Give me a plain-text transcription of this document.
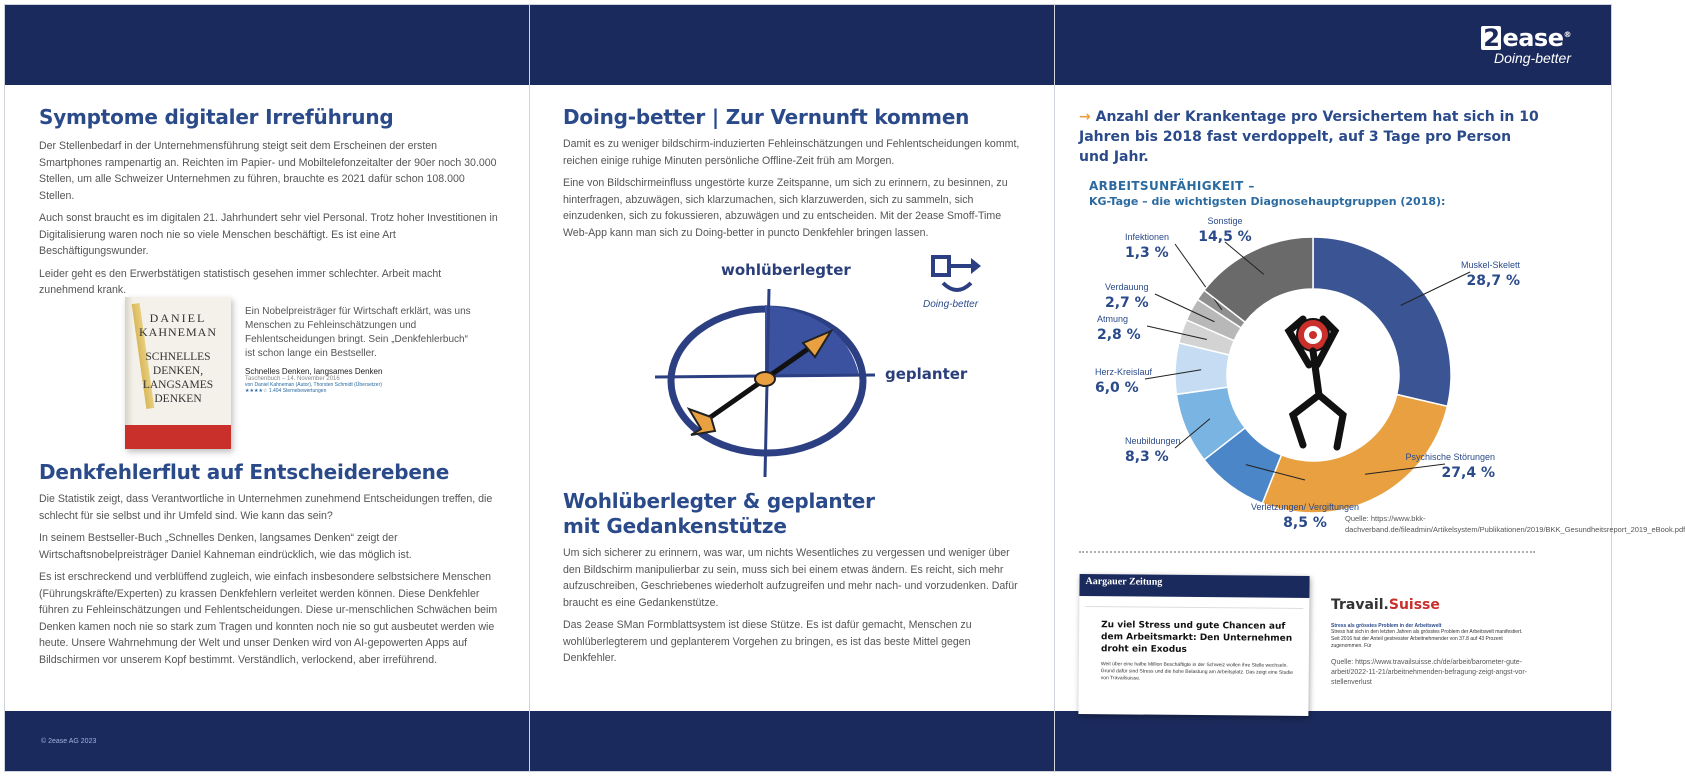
2 ease®
Doing-better
© 2ease AG 2023
Symptome digitaler Irreführung

Der Stellenbedarf in der Unternehmensführung steigt seit dem Erscheinen der ersten Smartphones rampenartig an. Reichten im Papier- und Mobiltelefonzeitalter der 90er noch 30.000 Stellen, um alle Schweizer Unternehmen zu führen, brauchte es 2021 dafür schon 108.000 Stellen.

Auch sonst braucht es im digitalen 21. Jahrhundert sehr viel Personal. Trotz hoher Investitionen in Digitalisierung waren noch nie so viele Menschen beschäftigt. Es ist eine Art Beschäftigungswunder.

Leider geht es den Erwerbstätigen statistisch gesehen immer schlechter. Arbeit macht zunehmend krank.

DANIEL
KAHNEMAN
SCHNELLES
DENKEN,
LANGSAMES
DENKEN

Ein Nobelpreisträger für Wirtschaft erklärt, was uns Menschen zu Fehleinschätzungen und Fehlentscheidungen bringt. Sein „Denkfehlerbuch“ ist schon lange ein Bestseller.

Schnelles Denken, langsames Denken
Taschenbuch – 14. November 2016
von Daniel Kahneman (Autor), Thorsten Schmidt (Übersetzer)
★★★★☆ 1.404 Sternebewertungen
Denkfehlerflut auf Entscheiderebene

Die Statistik zeigt, dass Verantwortliche in Unternehmen zunehmend Entscheidungen treffen, die schlecht für sie selbst und ihr Umfeld sind. Wie kann das sein?

In seinem Bestseller-Buch „Schnelles Denken, langsames Denken“ zeigt der Wirtschaftsnobelpreisträger Daniel Kahneman eindrücklich, wie das möglich ist.

Es ist erschreckend und verblüffend zugleich, wie einfach insbesondere selbstsichere Menschen (Führungskräfte/Experten) zu krassen Denkfehlern verleitet werden können. Diese Denkfehler führen zu Fehleinschätzungen und Fehlentscheidungen. Diese ur-menschlichen Schwächen beim Denken kamen noch nie so stark zum Tragen und konnten noch nie so gut ausbeutet werden wie heute. Unsere Wahrnehmung der Welt und unser Denken wird von AI-gepowerten Apps auf Bildschirmen vor unserem Kopf bestimmt. Verständlich, verlockend, aber irreführend.

Doing-better | Zur Vernunft kommen

Damit es zu weniger bildschirm-induzierten Fehleinschätzungen und Fehlentscheidungen kommt, reichen einige ruhige Minuten persönliche Offline-Zeit früh am Morgen.

Eine von Bildschirmeinfluss ungestörte kurze Zeitspanne, um sich zu erinnern, zu besinnen, zu hinterfragen, abzuwägen, sich klarzumachen, sich klarzuwerden, sich zu sammeln, sich einzudenken, sich zu fokussieren, abzuwägen und zu entscheiden. Mit der 2ease Smoff-Time Web-App kann man sich zu Doing-better in puncto Denkfehler bringen lassen.

wohlüberlegter
geplanter
Doing-better
Wohlüberlegter & geplanter
mit Gedankenstütze

Um sich sicherer zu erinnern, was war, um nichts Wesentliches zu vergessen und weniger über den Bildschirm manipulierbar zu sein, muss sich bei einem etwas ändern. Es reicht, sich mehr aufzuschreiben, Geschriebenes wiederholt aufzugreifen und mehr nach- und vorzudenken. Dafür braucht es eine Gedankenstütze.

Das 2ease SMan Formblattsystem ist diese Stütze. Es ist dafür gemacht, Menschen zu wohlüberlegterem und geplanterem Vorgehen zu bringen, es ist das beste Mittel gegen Denkfehler.

→ Anzahl der Krankentage pro Versichertem hat sich in 10 Jahren bis 2018 fast verdoppelt, auf 3 Tage pro Person und Jahr.
ARBEITSUNFÄHIGKEIT –
KG-Tage – die wichtigsten Diagnosehauptgruppen (2018):
Muskel-Skelett
28,7 %
Psychische Störungen
27,4 %
Verletzungen/ Vergiftungen
8,5 %
Neubildungen
8,3 %
Herz-Kreislauf
6,0 %
Atmung
2,8 %
Verdauung
2,7 %
Infektionen
1,3 %
Sonstige
14,5 %
Quelle: https://www.bkk-dachverband.de/fileadmin/Artikelsystem/Publikationen/2019/BKK_Gesundheitsreport_2019_eBook.pdf
Aargauer Zeitung
Zu viel Stress und gute Chancen auf dem Arbeitsmarkt: Den Unternehmen droht ein Exodus
Weit über eine halbe Million Beschäftigte in der Schweiz wollen ihre Stelle wechseln. Grund dafür sind Stress und die hohe Belastung am Arbeitsplatz. Das zeigt eine Studie von Travailsuisse.
Travail.Suisse
Stress als grösstes Problem in der Arbeitswelt
Stress hat sich in den letzten Jahren als grösstes Problem der Arbeitswelt manifestiert. Seit 2016 hat der Anteil gestresster Arbeitnehmender von 37.8 auf 43 Prozent zugenommen. Für
Quelle: https://www.travailsuisse.ch/de/arbeit/barometer-gute-arbeit/2022-11-21/arbeitnehmenden-befragung-zeigt-angst-vor-stellenverlust
